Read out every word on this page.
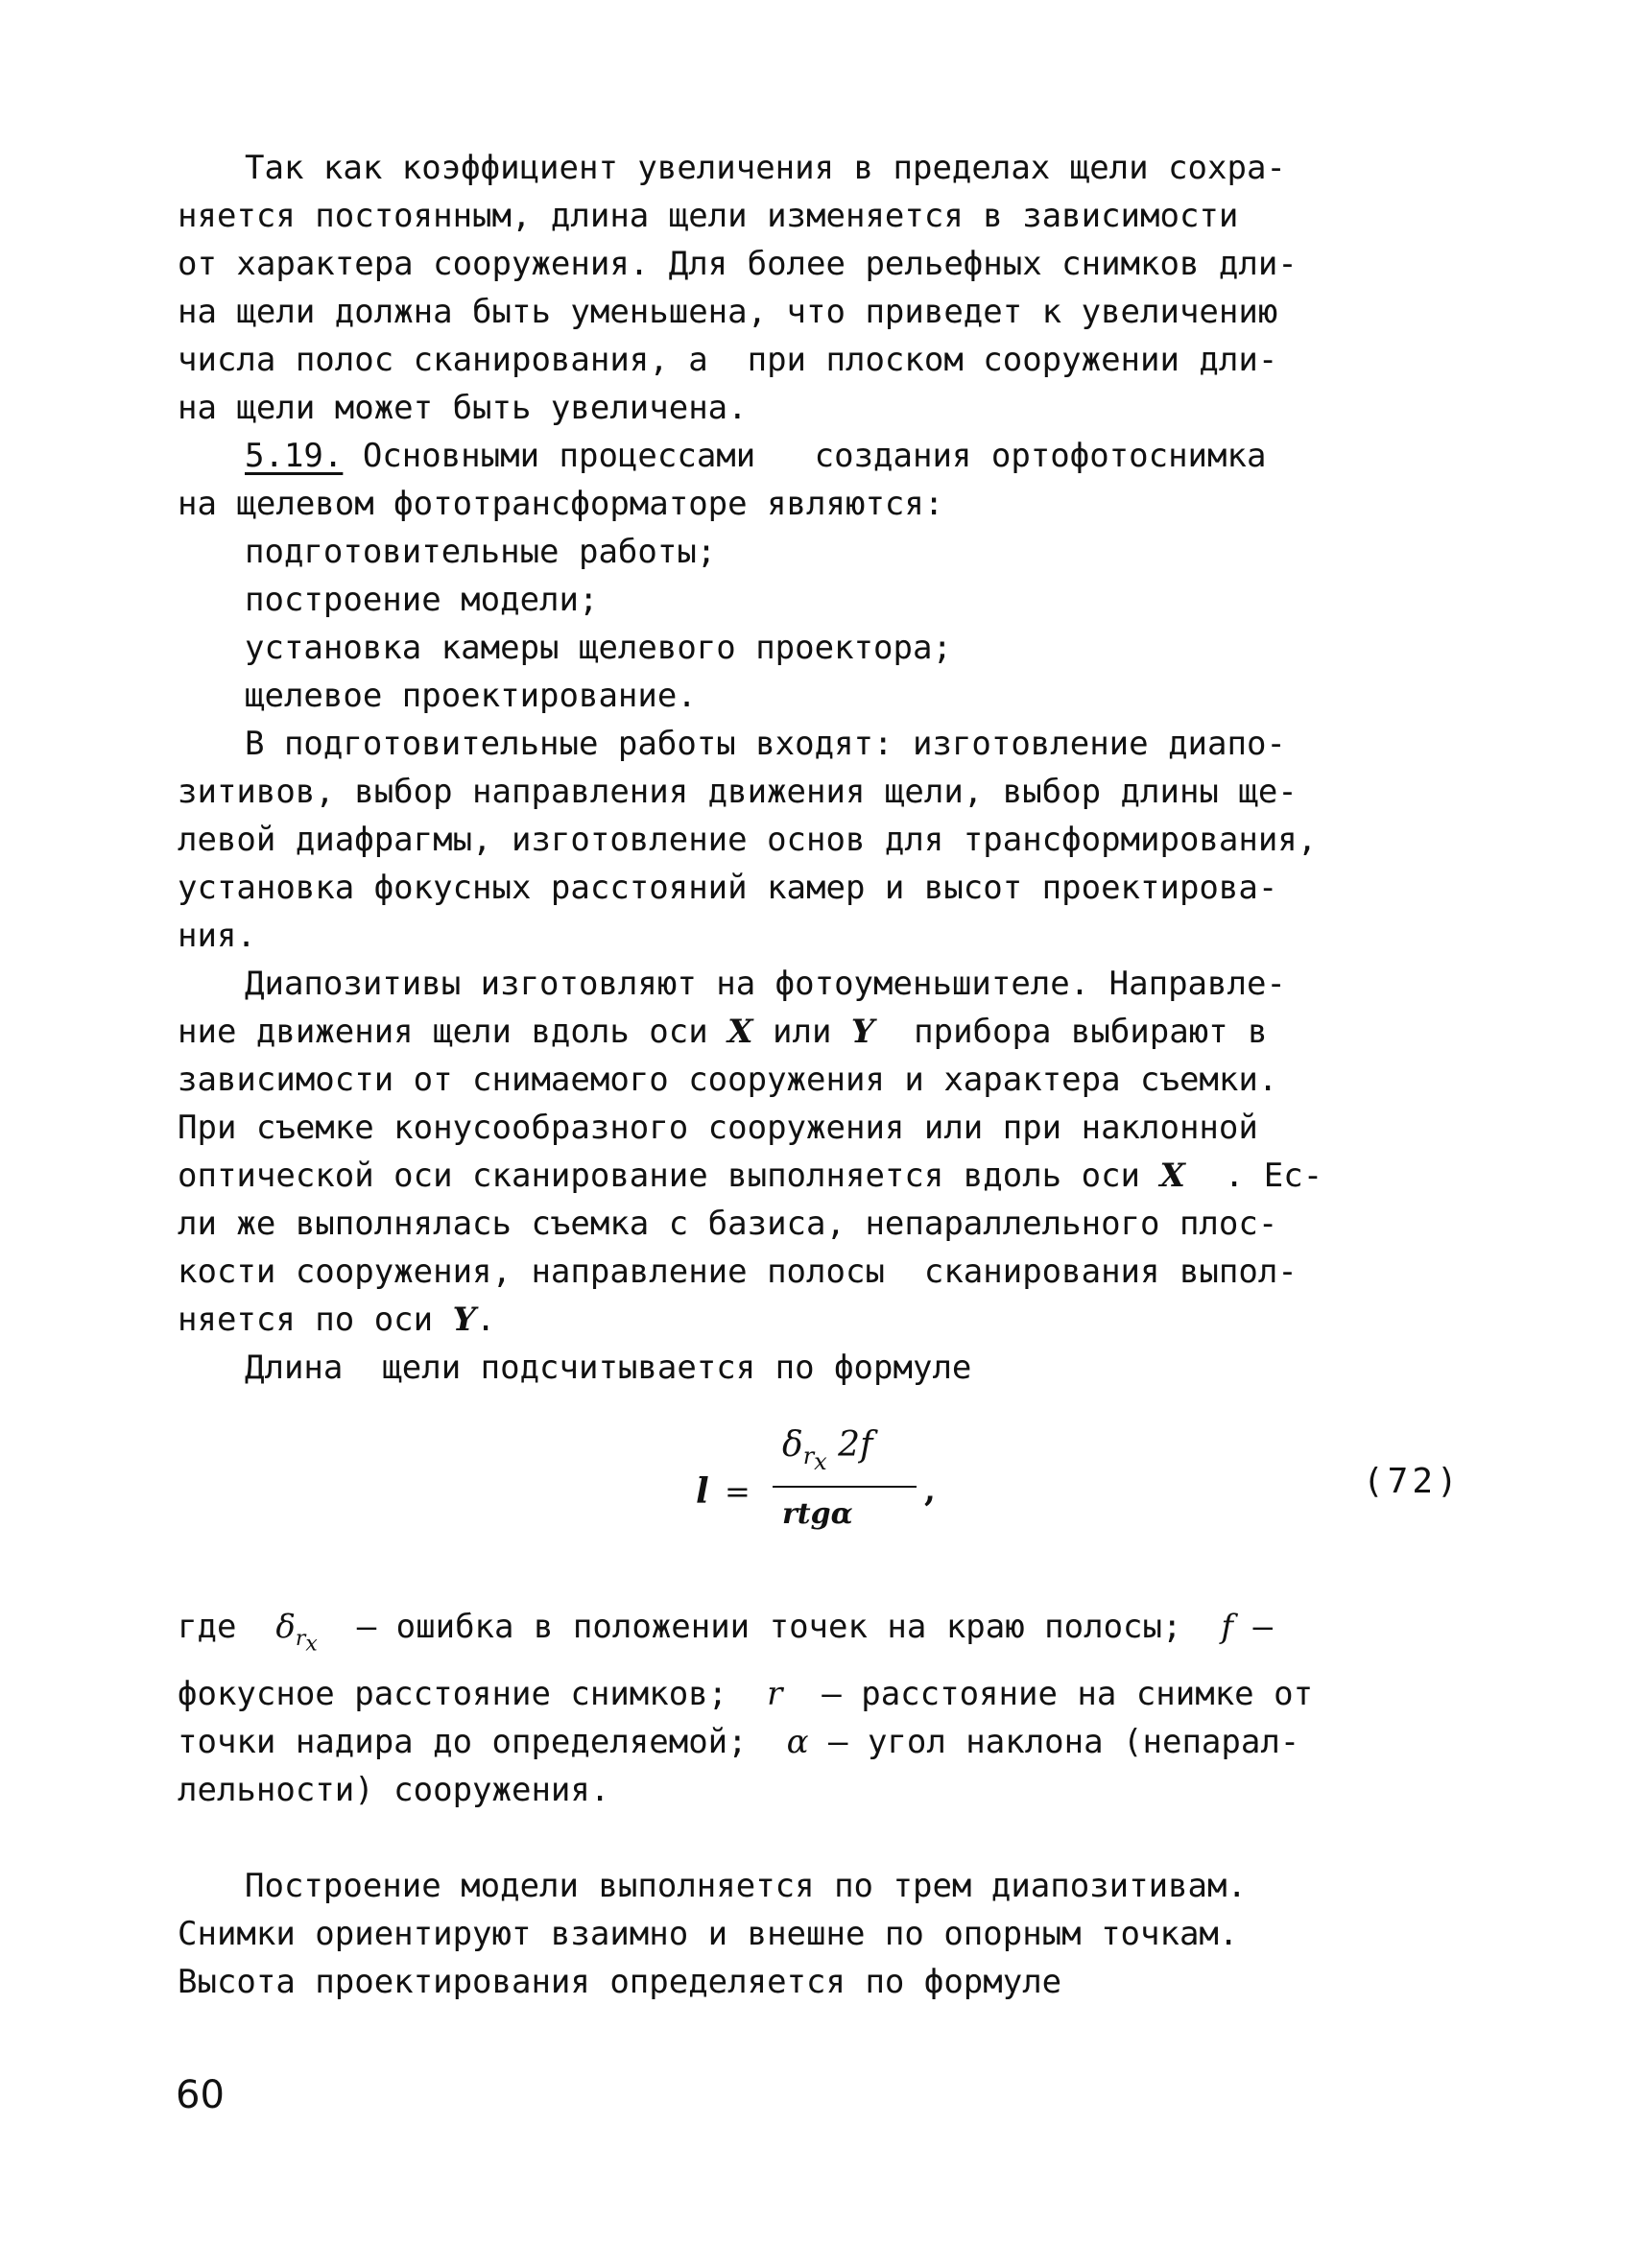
Так как коэффициент увеличения в пределах щели сохра-
няется постоянным, длина щели изменяется в зависимости
от характера сооружения. Для более рельефных снимков дли-
на щели должна быть уменьшена, что приведет к увеличению
числа полос сканирования, а  при плоском сооружении дли-
на щели может быть увеличена.
5.19. Основными процессами   создания ортофотоснимка
на щелевом фототрансформаторе являются:
подготовительные работы;
построение модели;
установка камеры щелевого проектора;
щелевое проектирование.
В подготовительные работы входят: изготовление диапо-
зитивов, выбор направления движения щели, выбор длины ще-
левой диафрагмы, изготовление основ для трансформирования,
установка фокусных расстояний камер и высот проектирова-
ния.
Диапозитивы изготовляют на фотоуменьшителе. Направле-
ние движения щели вдоль оси X или Y  прибора выбирают в
зависимости от снимаемого сооружения и характера съемки.
При съемке конусообразного сооружения или при наклонной
оптической оси сканирование выполняется вдоль оси X  . Ес-
ли же выполнялась съемка с базиса, непараллельного плос-
кости сооружения, направление полосы  сканирования выпол-
няется по оси Y.
Длина  щели подсчитывается по формуле
l =
$\delta_{r_x}$ 2f
rtgα
,	(72)
где  $\delta_{r_x}$  – ошибка в положении точек на краю полосы;  f –
фокусное расстояние снимков;  r  – расстояние на снимке от
точки надира до определяемой;  α – угол наклона (непарал-
лельности) сооружения.
Построение модели выполняется по трем диапозитивам.
Снимки ориентируют взаимно и внешне по опорным точкам.
Высота проектирования определяется по формуле
60
